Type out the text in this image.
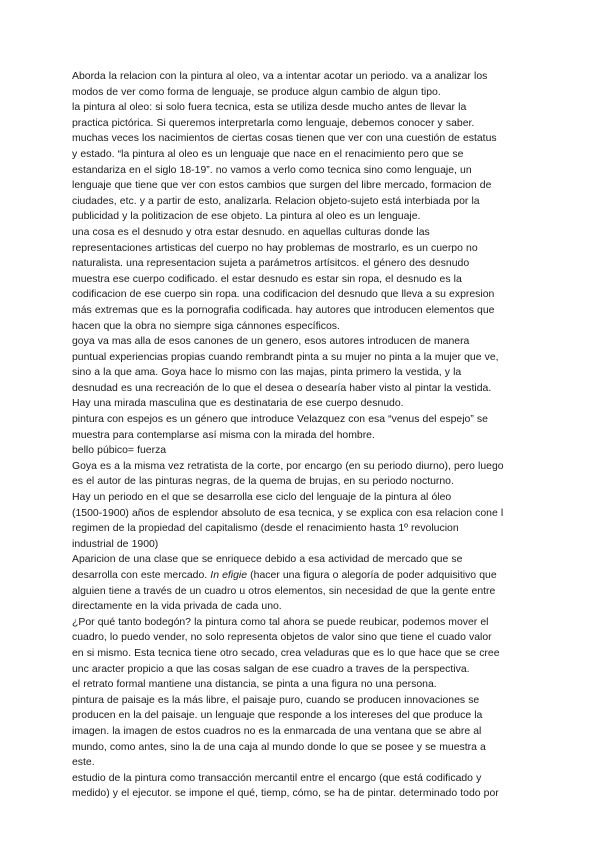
Aborda la relacion con la pintura al oleo, va a intentar acotar un periodo. va a analizar los
modos de ver como forma de lenguaje, se produce algun cambio de algun tipo.

la pintura al oleo: si solo fuera tecnica, esta se utiliza desde mucho antes de llevar la
practica pictórica. Si queremos interpretarla como lenguaje, debemos conocer y saber.
muchas veces los nacimientos de ciertas cosas tienen que ver con una cuestión de estatus
y estado. “la pintura al oleo es un lenguaje que nace en el renacimiento pero que se
estandariza en el siglo 18-19”. no vamos a verlo como tecnica sino como lenguaje, un
lenguaje que tiene que ver con estos cambios que surgen del libre mercado, formacion de
ciudades, etc. y a partir de esto, analizarla. Relacion objeto-sujeto está interbiada por la
publicidad y la politizacion de ese objeto. La pintura al oleo es un lenguaje.

una cosa es el desnudo y otra estar desnudo. en aquellas culturas donde las
representaciones artisticas del cuerpo no hay problemas de mostrarlo, es un cuerpo no
naturalista. una representacion sujeta a parámetros artísitcos. el género des desnudo
muestra ese cuerpo codificado. el estar desnudo es estar sin ropa, el desnudo es la
codificacion de ese cuerpo sin ropa. una codificacion del desnudo que lleva a su expresion
más extremas que es la pornografia codificada. hay autores que introducen elementos que
hacen que la obra no siempre siga cánnones específicos.

goya va mas alla de esos canones de un genero, esos autores introducen de manera
puntual experiencias propias cuando rembrandt pinta a su mujer no pinta a la mujer que ve,
sino a la que ama. Goya hace lo mismo con las majas, pinta primero la vestida, y la
desnudad es una recreación de lo que el desea o desearía haber visto al pintar la vestida.
Hay una mirada masculina que es destinataria de ese cuerpo desnudo.

pintura con espejos es un género que introduce Velazquez con esa “venus del espejo” se
muestra para contemplarse así misma con la mirada del hombre.

bello púbico= fuerza

Goya es a la misma vez retratista de la corte, por encargo (en su periodo diurno), pero luego
es el autor de las pinturas negras, de la quema de brujas, en su periodo nocturno.

Hay un periodo en el que se desarrolla ese ciclo del lenguaje de la pintura al óleo
(1500-1900) años de esplendor absoluto de esa tecnica, y se explica con esa relacion cone l
regimen de la propiedad del capitalismo (desde el renacimiento hasta 1º revolucion
industrial de 1900)

Aparicion de una clase que se enriquece debido a esa actividad de mercado que se
desarrolla con este mercado. In efigie (hacer una figura o alegoría de poder adquisitivo que
alguien tiene a través de un cuadro u otros elementos, sin necesidad de que la gente entre
directamente en la vida privada de cada uno.

¿Por qué tanto bodegón? la pintura como tal ahora se puede reubicar, podemos mover el
cuadro, lo puedo vender, no solo representa objetos de valor sino que tiene el cuado valor
en si mismo. Esta tecnica tiene otro secado, crea veladuras que es lo que hace que se cree
unc aracter propicio a que las cosas salgan de ese cuadro a traves de la perspectiva.

el retrato formal mantiene una distancia, se pinta a una figura no una persona.

pintura de paisaje es la más libre, el paisaje puro, cuando se producen innovaciones se
producen en la del paisaje. un lenguaje que responde a los intereses del que produce la
imagen. la imagen de estos cuadros no es la enmarcada de una ventana que se abre al
mundo, como antes, sino la de una caja al mundo donde lo que se posee y se muestra a
este.

estudio de la pintura como transacción mercantil entre el encargo (que está codificado y
medido) y el ejecutor. se impone el qué, tiemp, cómo, se ha de pintar. determinado todo por
